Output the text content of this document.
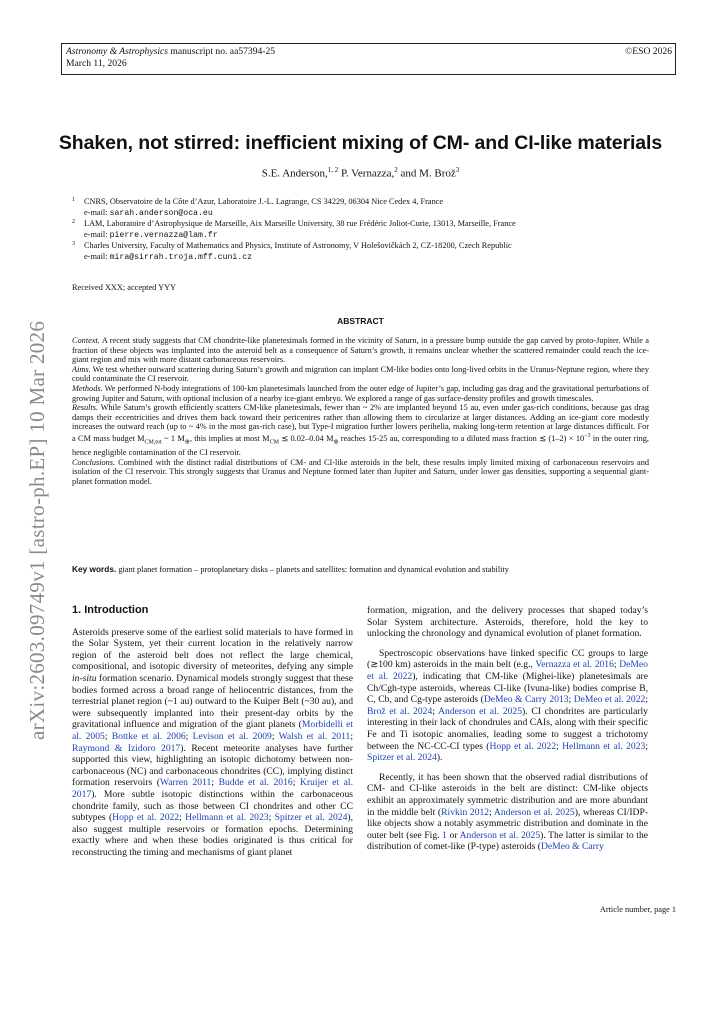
Astronomy & Astrophysics manuscript no. aa57394-25
March 11, 2026
©ESO 2026
arXiv:2603.09749v1 [astro-ph.EP] 10 Mar 2026
Shaken, not stirred: inefficient mixing of CM- and CI-like materials
S.E. Anderson,$^{1, 2}$ P. Vernazza,$^2$ and M. Brož$^3$
1 CNRS, Observatoire de la Côte d’Azur, Laboratoire J.-L. Lagrange, CS 34229, 06304 Nice Cedex 4, France
e-mail: sarah.anderson@oca.eu
2 LAM, Laboratoire d’Astrophysique de Marseille, Aix Marseille University, 38 rue Frédéric Joliot-Curie, 13013, Marseille, France
e-mail: pierre.vernazza@lam.fr
3 Charles University, Faculty of Mathematics and Physics, Institute of Astronomy, V Holešovičkách 2, CZ-18200, Czech Republic
e-mail: mira@sirrah.troja.mff.cuni.cz
Received XXX; accepted YYY
ABSTRACT

Context. A recent study suggests that CM chondrite-like planetesimals formed in the vicinity of Saturn, in a pressure bump outside the gap carved by proto-Jupiter. While a fraction of these objects was implanted into the asteroid belt as a consequence of Saturn’s growth, it remains unclear whether the scattered remainder could reach the ice-giant region and mix with more distant carbonaceous reservoirs.

Aims. We test whether outward scattering during Saturn’s growth and migration can implant CM-like bodies onto long-lived orbits in the Uranus-Neptune region, where they could contaminate the CI reservoir.

Methods. We performed N-body integrations of 100-km planetesimals launched from the outer edge of Jupiter’s gap, including gas drag and the gravitational perturbations of growing Jupiter and Saturn, with optional inclusion of a nearby ice-giant embryo. We explored a range of gas surface-density profiles and growth timescales.

Results. While Saturn’s growth efficiently scatters CM-like planetesimals, fewer than ~ 2% are implanted beyond 15 au, even under gas-rich conditions, because gas drag damps their eccentricities and drives them back toward their pericentres rather than allowing them to circularize at larger distances. Adding an ice-giant core modestly increases the outward reach (up to ~ 4% in the most gas-rich case), but Type-I migration further lowers perihelia, making long-term retention at large distances difficult. For a CM mass budget $M_{CM,tot}$ ~ 1 $M_\oplus$, this implies at most $M_{CM}$ ≲ 0.02–0.04 $M_\oplus$ reaches 15-25 au, corresponding to a diluted mass fraction ≲ $(1-2) \times 10^{-3}$ in the outer ring, hence negligible contamination of the CI reservoir.

Conclusions. Combined with the distinct radial distributions of CM- and CI-like asteroids in the belt, these results imply limited mixing of carbonaceous reservoirs and isolation of the CI reservoir. This strongly suggests that Uranus and Neptune formed later than Jupiter and Saturn, under lower gas densities, supporting a sequential giant-planet formation model.

Key words. giant planet formation – protoplanetary disks – planets and satellites: formation and dynamical evolution and stability

1. Introduction

Asteroids preserve some of the earliest solid materials to have formed in the Solar System, yet their current location in the relatively narrow region of the asteroid belt does not reflect the large chemical, compositional, and isotopic diversity of meteorites, defying any simple in-situ formation scenario. Dynamical models strongly suggest that these bodies formed across a broad range of heliocentric distances, from the terrestrial planet region (~1 au) outward to the Kuiper Belt (~30 au), and were subsequently implanted into their present-day orbits by the gravitational influence and migration of the giant planets (Morbidelli et al. 2005; Bottke et al. 2006; Levison et al. 2009; Walsh et al. 2011; Raymond & Izidoro 2017). Recent meteorite analyses have further supported this view, highlighting an isotopic dichotomy between non-carbonaceous (NC) and carbonaceous chondrites (CC), implying distinct formation reservoirs (Warren 2011; Budde et al. 2016; Kruijer et al. 2017). More subtle isotopic distinctions within the carbonaceous chondrite family, such as those between CI chondrites and other CC subtypes (Hopp et al. 2022; Hellmann et al. 2023; Spitzer et al. 2024), also suggest multiple reservoirs or formation epochs. Determining exactly where and when these bodies originated is thus critical for reconstructing the timing and mechanisms of giant planet

formation, migration, and the delivery processes that shaped today’s Solar System architecture. Asteroids, therefore, hold the key to unlocking the chronology and dynamical evolution of planet formation.

Spectroscopic observations have linked specific CC groups to large (≳100 km) asteroids in the main belt (e.g., Vernazza et al. 2016; DeMeo et al. 2022), indicating that CM-like (Mighei-like) planetesimals are Ch/Cgh-type asteroids, whereas CI-like (Ivuna-like) bodies comprise B, C, Cb, and Cg-type asteroids (DeMeo & Carry 2013; DeMeo et al. 2022; Brož et al. 2024; Anderson et al. 2025). CI chondrites are particularly interesting in their lack of chondrules and CAIs, along with their specific Fe and Ti isotopic anomalies, leading some to suggest a trichotomy between the NC-CC-CI types (Hopp et al. 2022; Hellmann et al. 2023; Spitzer et al. 2024).

Recently, it has been shown that the observed radial distributions of CM- and CI-like asteroids in the belt are distinct: CM-like objects exhibit an approximately symmetric distribution and are more abundant in the middle belt (Rivkin 2012; Anderson et al. 2025), whereas CI/IDP-like objects show a notably asymmetric distribution and dominate in the outer belt (see Fig. 1 or Anderson et al. 2025). The latter is similar to the distribution of comet-like (P-type) asteroids (DeMeo & Carry

Article number, page 1
